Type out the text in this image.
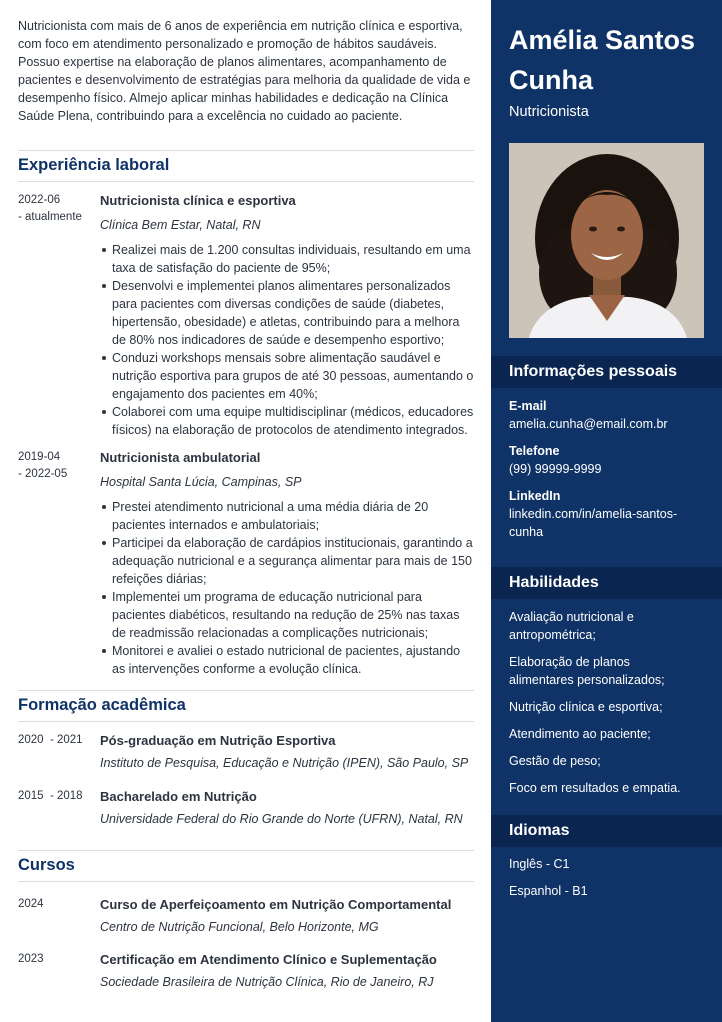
Nutricionista com mais de 6 anos de experiência em nutrição clínica e esportiva, com foco em atendimento personalizado e promoção de hábitos saudáveis. Possuo expertise na elaboração de planos alimentares, acompanhamento de pacientes e desenvolvimento de estratégias para melhoria da qualidade de vida e desempenho físico. Almejo aplicar minhas habilidades e dedicação na Clínica Saúde Plena, contribuindo para a excelência no cuidado ao paciente.

Experiência laboral
2022-06
- atualmente
Nutricionista clínica e esportiva
Clínica Bem Estar, Natal, RN
Realizei mais de 1.200 consultas individuais, resultando em uma taxa de satisfação do paciente de 95%;
Desenvolvi e implementei planos alimentares personalizados para pacientes com diversas condições de saúde (diabetes, hipertensão, obesidade) e atletas, contribuindo para a melhora de 80% nos indicadores de saúde e desempenho esportivo;
Conduzi workshops mensais sobre alimentação saudável e nutrição esportiva para grupos de até 30 pessoas, aumentando o engajamento dos pacientes em 40%;
Colaborei com uma equipe multidisciplinar (médicos, educadores físicos) na elaboração de protocolos de atendimento integrados.
2019-04
- 2022-05
Nutricionista ambulatorial
Hospital Santa Lúcia, Campinas, SP
Prestei atendimento nutricional a uma média diária de 20 pacientes internados e ambulatoriais;
Participei da elaboração de cardápios institucionais, garantindo a adequação nutricional e a segurança alimentar para mais de 150 refeições diárias;
Implementei um programa de educação nutricional para pacientes diabéticos, resultando na redução de 25% nas taxas de readmissão relacionadas a complicações nutricionais;
Monitorei e avaliei o estado nutricional de pacientes, ajustando as intervenções conforme a evolução clínica.
Formação acadêmica
2020  - 2021	Pós-graduação em Nutrição Esportiva
Instituto de Pesquisa, Educação e Nutrição (IPEN), São Paulo, SP
2015  - 2018	Bacharelado em Nutrição
Universidade Federal do Rio Grande do Norte (UFRN), Natal, RN
Cursos
2024	Curso de Aperfeiçoamento em Nutrição Comportamental
Centro de Nutrição Funcional, Belo Horizonte, MG
2023	Certificação em Atendimento Clínico e Suplementação
Sociedade Brasileira de Nutrição Clínica, Rio de Janeiro, RJ
Amélia Santos Cunha
Nutricionista
Informações pessoais
E-mail
amelia.cunha@email.com.br
Telefone
(99) 99999-9999
LinkedIn
linkedin.com/in/amelia-santos-cunha
Habilidades
Avaliação nutricional e antropométrica;
Elaboração de planos alimentares personalizados;
Nutrição clínica e esportiva;
Atendimento ao paciente;
Gestão de peso;
Foco em resultados e empatia.
Idiomas
Inglês - C1
Espanhol - B1
